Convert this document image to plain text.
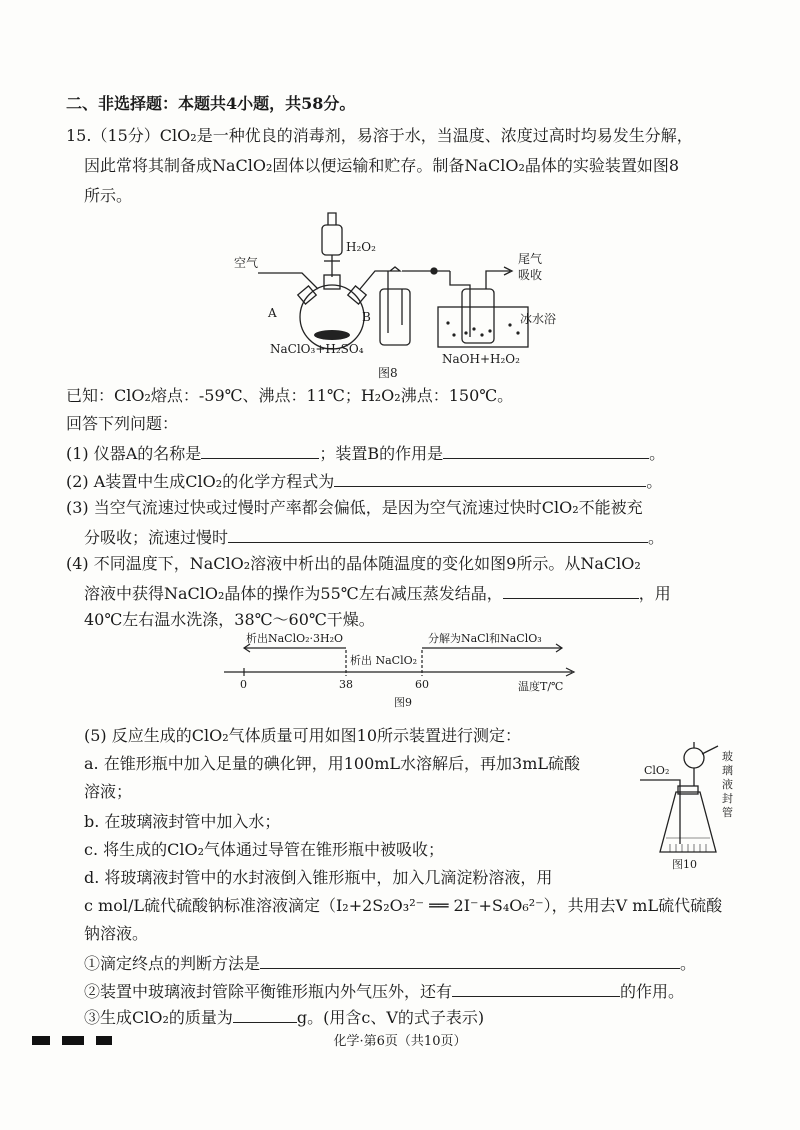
二、非选择题：本题共4小题，共58分。
15.（15分）ClO₂是一种优良的消毒剂，易溶于水，当温度、浓度过高时均易发生分解，
因此常将其制备成NaClO₂固体以便运输和贮存。制备NaClO₂晶体的实验装置如图8
所示。
空气
H₂O₂
尾气
吸收
A	B	冰水浴
NaClO₃+H₂SO₄
NaOH+H₂O₂
图8
已知：ClO₂熔点：-59℃、沸点：11℃；H₂O₂沸点：150℃。
回答下列问题：
(1) 仪器A的名称是	；装置B的作用是	。
(2) A装置中生成ClO₂的化学方程式为	。
(3) 当空气流速过快或过慢时产率都会偏低，是因为空气流速过快时ClO₂不能被充
分吸收；流速过慢时	。
(4) 不同温度下，NaClO₂溶液中析出的晶体随温度的变化如图9所示。从NaClO₂
溶液中获得NaClO₂晶体的操作为55℃左右减压蒸发结晶，	，用
40℃左右温水洗涤，38℃～60℃干燥。
析出NaClO₂·3H₂O
析出 NaClO₂
分解为NaCl和NaClO₃
0	38	60	温度T/℃
图9
(5) 反应生成的ClO₂气体质量可用如图10所示装置进行测定：
a. 在锥形瓶中加入足量的碘化钾，用100mL水溶解后，再加3mL硫酸
溶液；
b. 在玻璃液封管中加入水；
c. 将生成的ClO₂气体通过导管在锥形瓶中被吸收；
d. 将玻璃液封管中的水封液倒入锥形瓶中，加入几滴淀粉溶液，用
c mol/L硫代硫酸钠标准溶液滴定（I₂+2S₂O₃²⁻ ══ 2I⁻+S₄O₆²⁻），共用去V mL硫代硫酸
钠溶液。
ClO₂
玻
璃
液
封
管
图10
①滴定终点的判断方法是	。
②装置中玻璃液封管除平衡锥形瓶内外气压外，还有	的作用。
③生成ClO₂的质量为	g。(用含c、V的式子表示)
化学·第6页（共10页）
